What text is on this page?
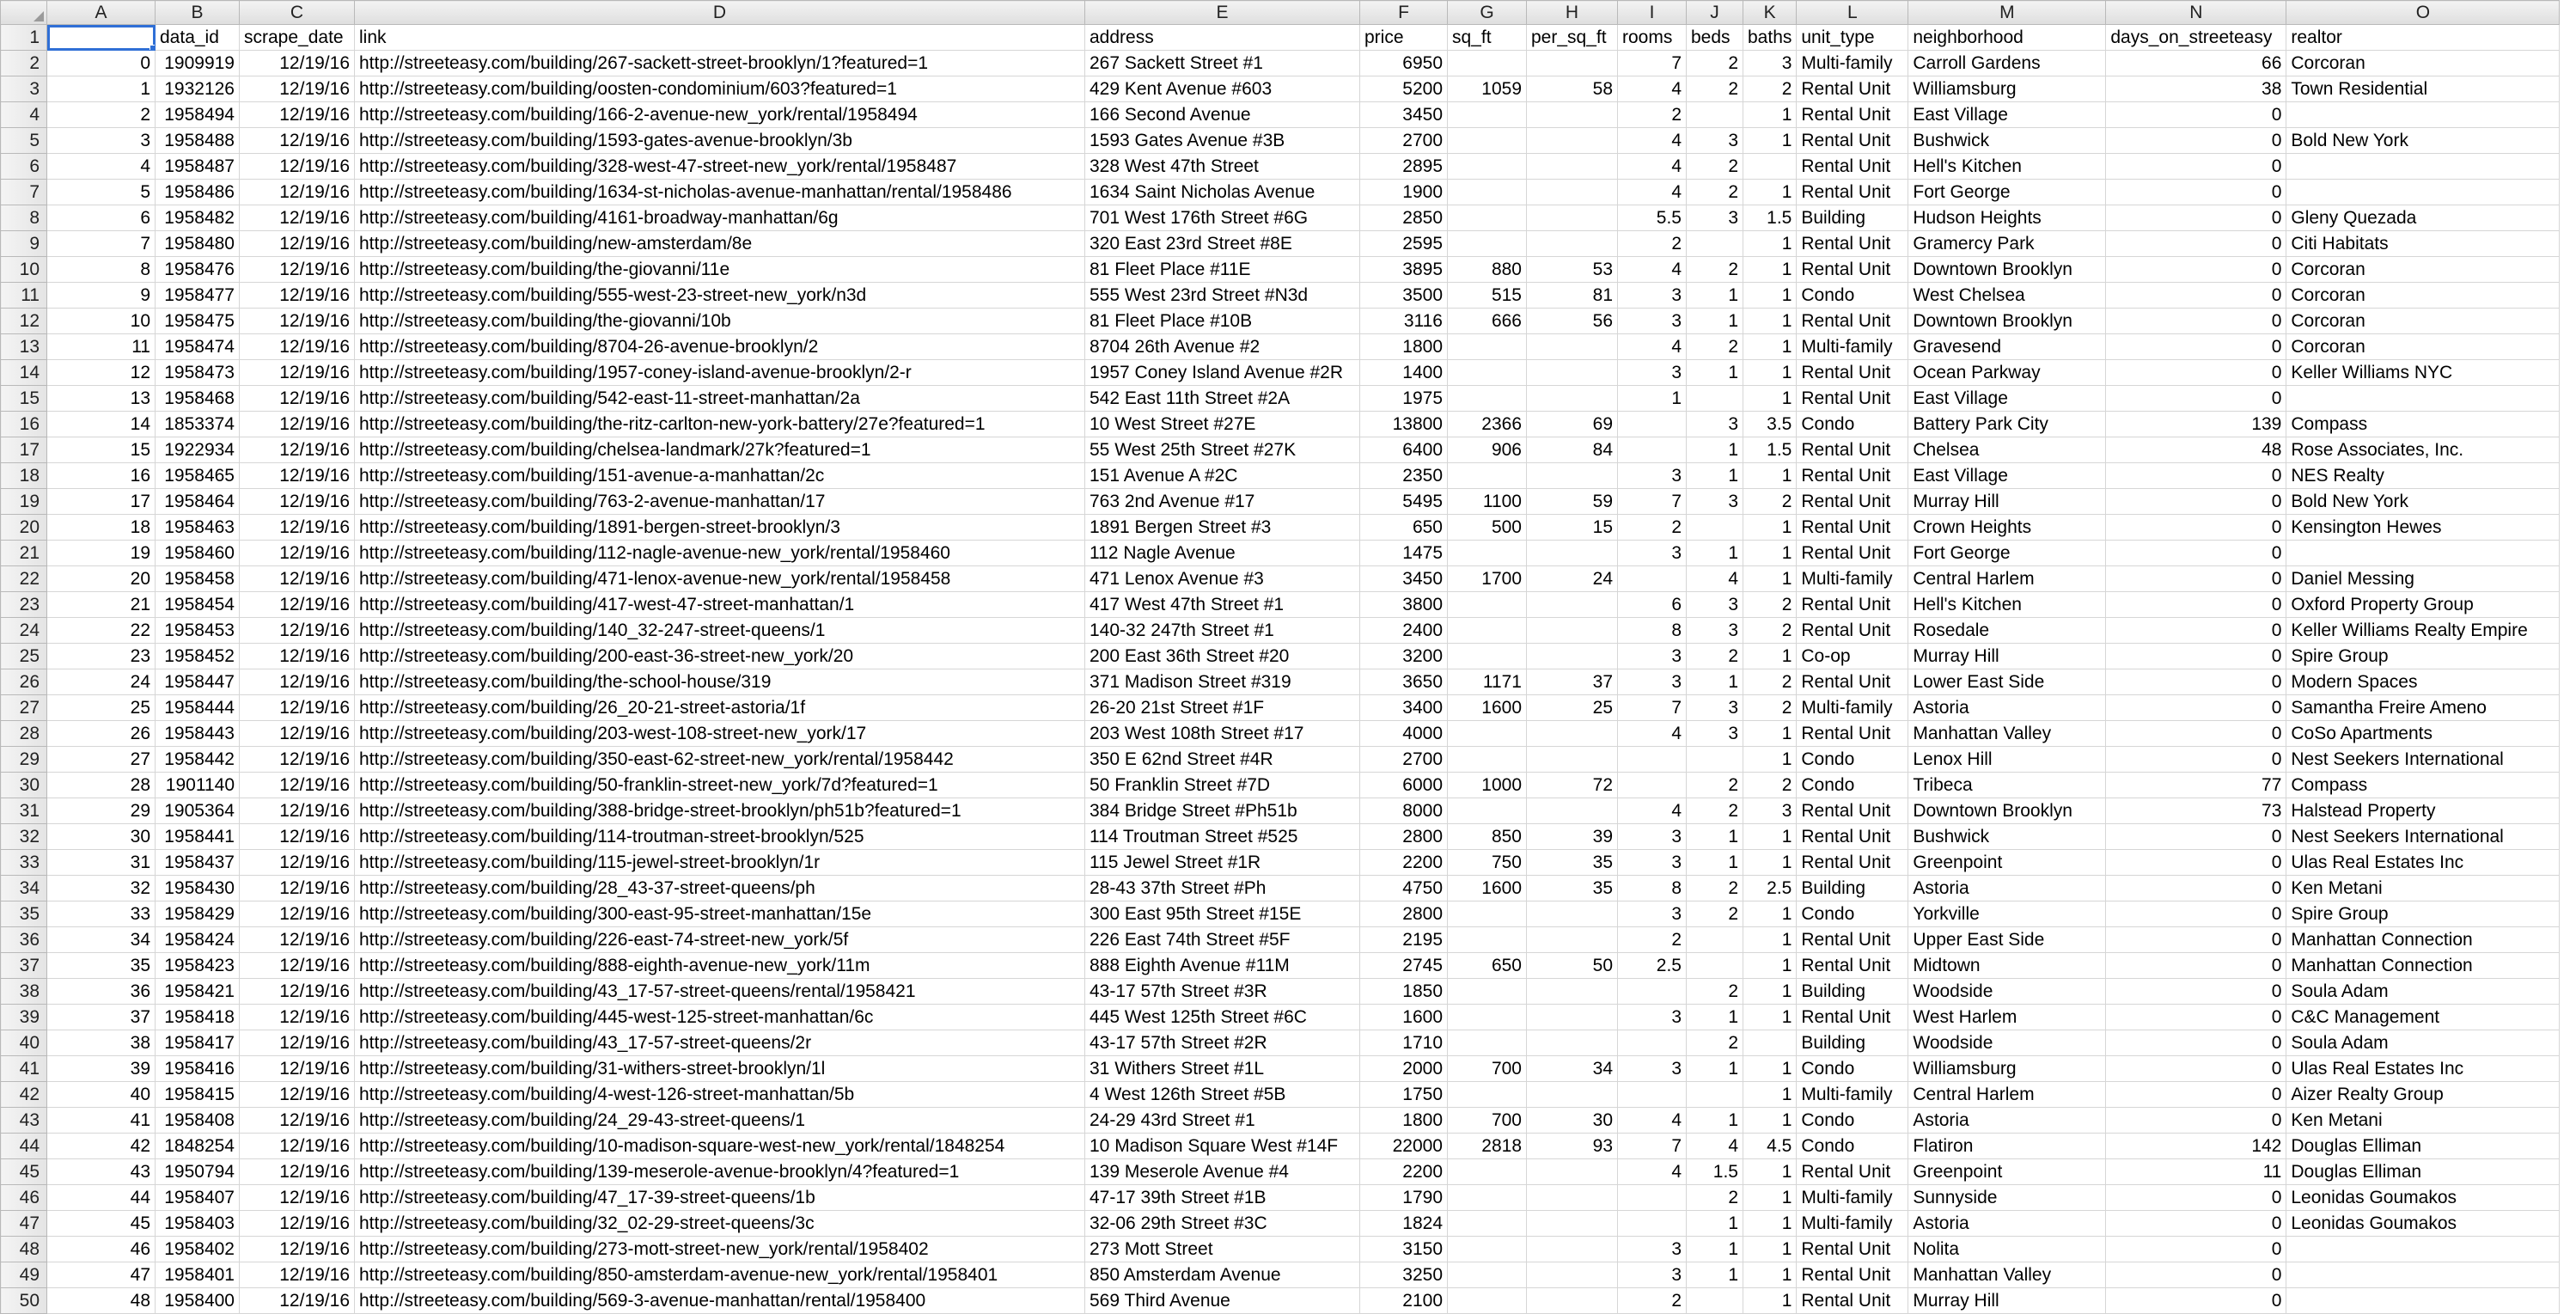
	A	B	C	D	E	F	G	H	I	J	K	L	M	N	O
1		data_id	scrape_date	link	address	price	sq_ft	per_sq_ft	rooms	beds	baths	unit_type	neighborhood	days_on_streeteasy	realtor
2	0	1909919	12/19/16	http://streeteasy.com/building/267-sackett-street-brooklyn/1?featured=1	267 Sackett Street #1	6950			7	2	3	Multi-family	Carroll Gardens	66	Corcoran
3	1	1932126	12/19/16	http://streeteasy.com/building/oosten-condominium/603?featured=1	429 Kent Avenue #603	5200	1059	58	4	2	2	Rental Unit	Williamsburg	38	Town Residential
4	2	1958494	12/19/16	http://streeteasy.com/building/166-2-avenue-new_york/rental/1958494	166 Second Avenue	3450			2		1	Rental Unit	East Village	0	
5	3	1958488	12/19/16	http://streeteasy.com/building/1593-gates-avenue-brooklyn/3b	1593 Gates Avenue #3B	2700			4	3	1	Rental Unit	Bushwick	0	Bold New York
6	4	1958487	12/19/16	http://streeteasy.com/building/328-west-47-street-new_york/rental/1958487	328 West 47th Street	2895			4	2		Rental Unit	Hell's Kitchen	0	
7	5	1958486	12/19/16	http://streeteasy.com/building/1634-st-nicholas-avenue-manhattan/rental/1958486	1634 Saint Nicholas Avenue	1900			4	2	1	Rental Unit	Fort George	0	
8	6	1958482	12/19/16	http://streeteasy.com/building/4161-broadway-manhattan/6g	701 West 176th Street #6G	2850			5.5	3	1.5	Building	Hudson Heights	0	Gleny Quezada
9	7	1958480	12/19/16	http://streeteasy.com/building/new-amsterdam/8e	320 East 23rd Street #8E	2595			2		1	Rental Unit	Gramercy Park	0	Citi Habitats
10	8	1958476	12/19/16	http://streeteasy.com/building/the-giovanni/11e	81 Fleet Place #11E	3895	880	53	4	2	1	Rental Unit	Downtown Brooklyn	0	Corcoran
11	9	1958477	12/19/16	http://streeteasy.com/building/555-west-23-street-new_york/n3d	555 West 23rd Street #N3d	3500	515	81	3	1	1	Condo	West Chelsea	0	Corcoran
12	10	1958475	12/19/16	http://streeteasy.com/building/the-giovanni/10b	81 Fleet Place #10B	3116	666	56	3	1	1	Rental Unit	Downtown Brooklyn	0	Corcoran
13	11	1958474	12/19/16	http://streeteasy.com/building/8704-26-avenue-brooklyn/2	8704 26th Avenue #2	1800			4	2	1	Multi-family	Gravesend	0	Corcoran
14	12	1958473	12/19/16	http://streeteasy.com/building/1957-coney-island-avenue-brooklyn/2-r	1957 Coney Island Avenue #2R	1400			3	1	1	Rental Unit	Ocean Parkway	0	Keller Williams NYC
15	13	1958468	12/19/16	http://streeteasy.com/building/542-east-11-street-manhattan/2a	542 East 11th Street #2A	1975			1		1	Rental Unit	East Village	0	
16	14	1853374	12/19/16	http://streeteasy.com/building/the-ritz-carlton-new-york-battery/27e?featured=1	10 West Street #27E	13800	2366	69		3	3.5	Condo	Battery Park City	139	Compass
17	15	1922934	12/19/16	http://streeteasy.com/building/chelsea-landmark/27k?featured=1	55 West 25th Street #27K	6400	906	84		1	1.5	Rental Unit	Chelsea	48	Rose Associates, Inc.
18	16	1958465	12/19/16	http://streeteasy.com/building/151-avenue-a-manhattan/2c	151 Avenue A #2C	2350			3	1	1	Rental Unit	East Village	0	NES Realty
19	17	1958464	12/19/16	http://streeteasy.com/building/763-2-avenue-manhattan/17	763 2nd Avenue #17	5495	1100	59	7	3	2	Rental Unit	Murray Hill	0	Bold New York
20	18	1958463	12/19/16	http://streeteasy.com/building/1891-bergen-street-brooklyn/3	1891 Bergen Street #3	650	500	15	2		1	Rental Unit	Crown Heights	0	Kensington Hewes
21	19	1958460	12/19/16	http://streeteasy.com/building/112-nagle-avenue-new_york/rental/1958460	112 Nagle Avenue	1475			3	1	1	Rental Unit	Fort George	0	
22	20	1958458	12/19/16	http://streeteasy.com/building/471-lenox-avenue-new_york/rental/1958458	471 Lenox Avenue #3	3450	1700	24		4	1	Multi-family	Central Harlem	0	Daniel Messing
23	21	1958454	12/19/16	http://streeteasy.com/building/417-west-47-street-manhattan/1	417 West 47th Street #1	3800			6	3	2	Rental Unit	Hell's Kitchen	0	Oxford Property Group
24	22	1958453	12/19/16	http://streeteasy.com/building/140_32-247-street-queens/1	140-32 247th Street #1	2400			8	3	2	Rental Unit	Rosedale	0	Keller Williams Realty Empire
25	23	1958452	12/19/16	http://streeteasy.com/building/200-east-36-street-new_york/20	200 East 36th Street #20	3200			3	2	1	Co-op	Murray Hill	0	Spire Group
26	24	1958447	12/19/16	http://streeteasy.com/building/the-school-house/319	371 Madison Street #319	3650	1171	37	3	1	2	Rental Unit	Lower East Side	0	Modern Spaces
27	25	1958444	12/19/16	http://streeteasy.com/building/26_20-21-street-astoria/1f	26-20 21st Street #1F	3400	1600	25	7	3	2	Multi-family	Astoria	0	Samantha Freire Ameno
28	26	1958443	12/19/16	http://streeteasy.com/building/203-west-108-street-new_york/17	203 West 108th Street #17	4000			4	3	1	Rental Unit	Manhattan Valley	0	CoSo Apartments
29	27	1958442	12/19/16	http://streeteasy.com/building/350-east-62-street-new_york/rental/1958442	350 E 62nd Street #4R	2700					1	Condo	Lenox Hill	0	Nest Seekers International
30	28	1901140	12/19/16	http://streeteasy.com/building/50-franklin-street-new_york/7d?featured=1	50 Franklin Street #7D	6000	1000	72		2	2	Condo	Tribeca	77	Compass
31	29	1905364	12/19/16	http://streeteasy.com/building/388-bridge-street-brooklyn/ph51b?featured=1	384 Bridge Street #Ph51b	8000			4	2	3	Rental Unit	Downtown Brooklyn	73	Halstead Property
32	30	1958441	12/19/16	http://streeteasy.com/building/114-troutman-street-brooklyn/525	114 Troutman Street #525	2800	850	39	3	1	1	Rental Unit	Bushwick	0	Nest Seekers International
33	31	1958437	12/19/16	http://streeteasy.com/building/115-jewel-street-brooklyn/1r	115 Jewel Street #1R	2200	750	35	3	1	1	Rental Unit	Greenpoint	0	Ulas Real Estates Inc
34	32	1958430	12/19/16	http://streeteasy.com/building/28_43-37-street-queens/ph	28-43 37th Street #Ph	4750	1600	35	8	2	2.5	Building	Astoria	0	Ken Metani
35	33	1958429	12/19/16	http://streeteasy.com/building/300-east-95-street-manhattan/15e	300 East 95th Street #15E	2800			3	2	1	Condo	Yorkville	0	Spire Group
36	34	1958424	12/19/16	http://streeteasy.com/building/226-east-74-street-new_york/5f	226 East 74th Street #5F	2195			2		1	Rental Unit	Upper East Side	0	Manhattan Connection
37	35	1958423	12/19/16	http://streeteasy.com/building/888-eighth-avenue-new_york/11m	888 Eighth Avenue #11M	2745	650	50	2.5		1	Rental Unit	Midtown	0	Manhattan Connection
38	36	1958421	12/19/16	http://streeteasy.com/building/43_17-57-street-queens/rental/1958421	43-17 57th Street #3R	1850				2	1	Building	Woodside	0	Soula Adam
39	37	1958418	12/19/16	http://streeteasy.com/building/445-west-125-street-manhattan/6c	445 West 125th Street #6C	1600			3	1	1	Rental Unit	West Harlem	0	C&C Management
40	38	1958417	12/19/16	http://streeteasy.com/building/43_17-57-street-queens/2r	43-17 57th Street #2R	1710				2		Building	Woodside	0	Soula Adam
41	39	1958416	12/19/16	http://streeteasy.com/building/31-withers-street-brooklyn/1l	31 Withers Street #1L	2000	700	34	3	1	1	Condo	Williamsburg	0	Ulas Real Estates Inc
42	40	1958415	12/19/16	http://streeteasy.com/building/4-west-126-street-manhattan/5b	4 West 126th Street #5B	1750					1	Multi-family	Central Harlem	0	Aizer Realty Group
43	41	1958408	12/19/16	http://streeteasy.com/building/24_29-43-street-queens/1	24-29 43rd Street #1	1800	700	30	4	1	1	Condo	Astoria	0	Ken Metani
44	42	1848254	12/19/16	http://streeteasy.com/building/10-madison-square-west-new_york/rental/1848254	10 Madison Square West #14F	22000	2818	93	7	4	4.5	Condo	Flatiron	142	Douglas Elliman
45	43	1950794	12/19/16	http://streeteasy.com/building/139-meserole-avenue-brooklyn/4?featured=1	139 Meserole Avenue #4	2200			4	1.5	1	Rental Unit	Greenpoint	11	Douglas Elliman
46	44	1958407	12/19/16	http://streeteasy.com/building/47_17-39-street-queens/1b	47-17 39th Street #1B	1790				2	1	Multi-family	Sunnyside	0	Leonidas Goumakos
47	45	1958403	12/19/16	http://streeteasy.com/building/32_02-29-street-queens/3c	32-06 29th Street #3C	1824				1	1	Multi-family	Astoria	0	Leonidas Goumakos
48	46	1958402	12/19/16	http://streeteasy.com/building/273-mott-street-new_york/rental/1958402	273 Mott Street	3150			3	1	1	Rental Unit	Nolita	0	
49	47	1958401	12/19/16	http://streeteasy.com/building/850-amsterdam-avenue-new_york/rental/1958401	850 Amsterdam Avenue	3250			3	1	1	Rental Unit	Manhattan Valley	0	
50	48	1958400	12/19/16	http://streeteasy.com/building/569-3-avenue-manhattan/rental/1958400	569 Third Avenue	2100			2		1	Rental Unit	Murray Hill	0	
